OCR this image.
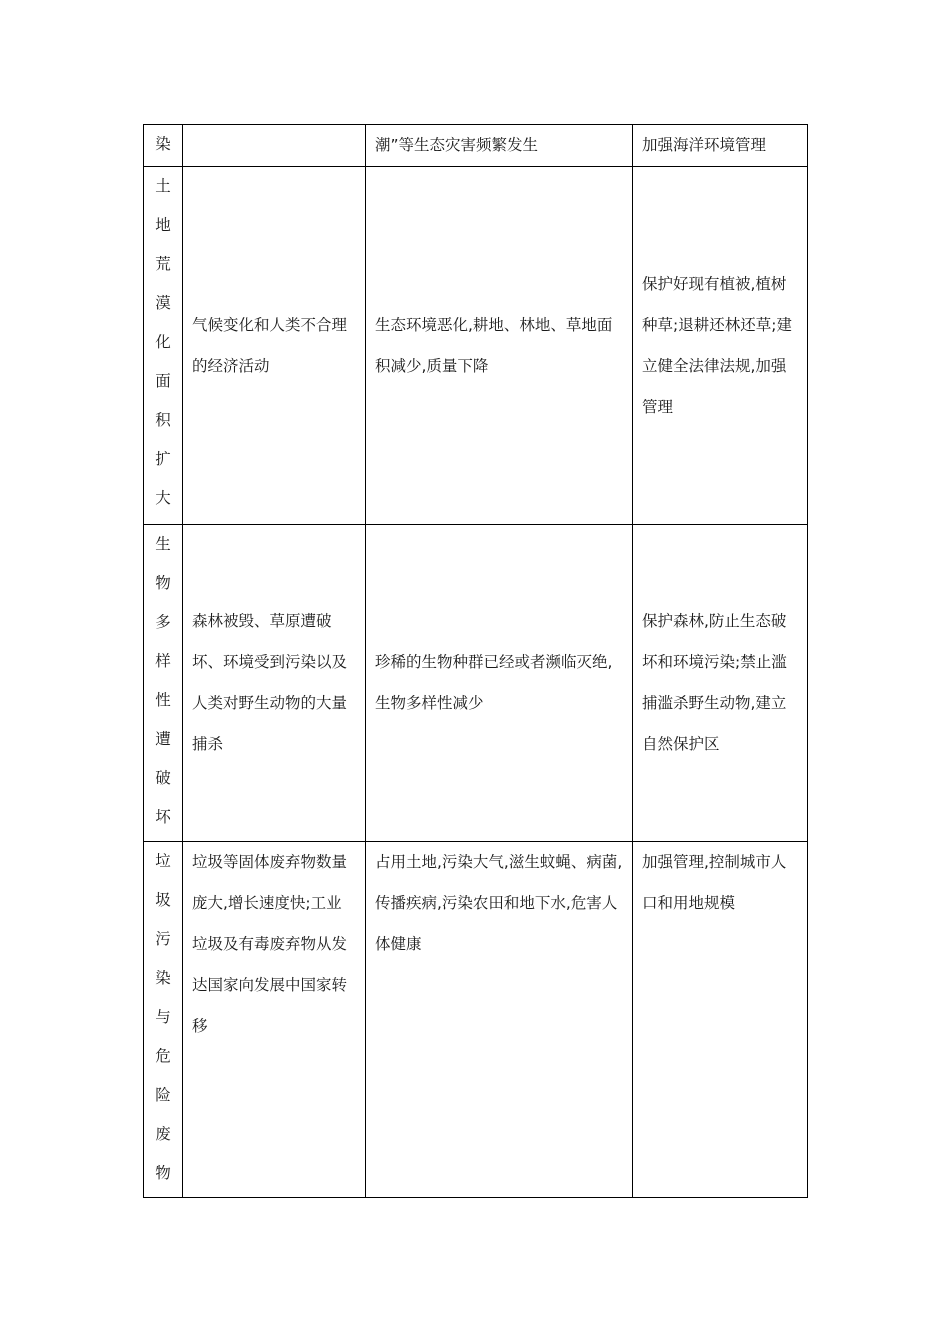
染		潮”等生态灾害频繁发生	加强海洋环境管理

土地荒漠化面积扩大	气候变化和人类不合理的经济活动	生态环境恶化,耕地、林地、草地面积减少,质量下降	保护好现有植被,植树种草;退耕还林还草;建立健全法律法规,加强管理

生物多样性遭破坏	森林被毁、草原遭破坏、环境受到污染以及人类对野生动物的大量捕杀	珍稀的生物种群已经或者濒临灭绝,生物多样性减少	保护森林,防止生态破坏和环境污染;禁止滥捕滥杀野生动物,建立自然保护区

垃圾污染与危险废物	垃圾等固体废弃物数量庞大,增长速度快;工业垃圾及有毒废弃物从发达国家向发展中国家转移	占用土地,污染大气,滋生蚊蝇、病菌,传播疾病,污染农田和地下水,危害人体健康	加强管理,控制城市人口和用地规模
